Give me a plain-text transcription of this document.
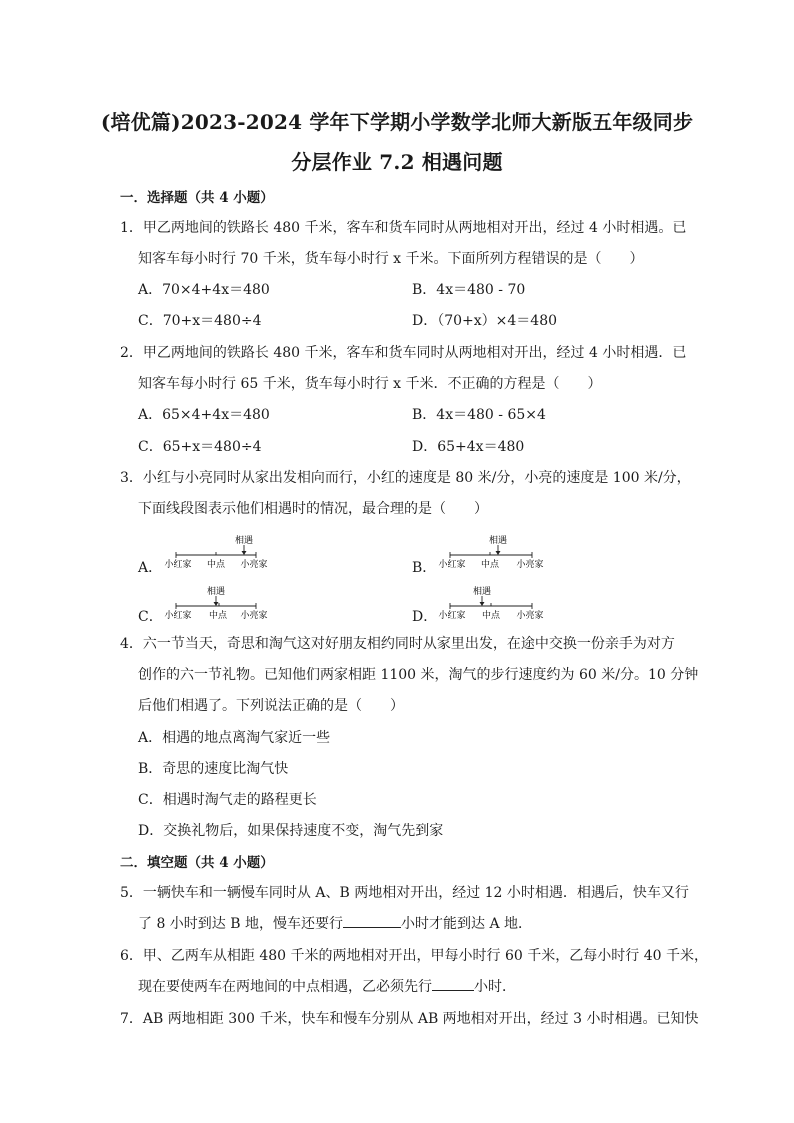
(培优篇)2023-2024 学年下学期小学数学北师大新版五年级同步
分层作业 7.2 相遇问题
一．选择题（共 4 小题）
1．甲乙两地间的铁路长 480 千米，客车和货车同时从两地相对开出，经过 4 小时相遇。已
知客车每小时行 70 千米，货车每小时行 x 千米。下面所列方程错误的是（　　）
A．70×4+4x＝480	B．4x＝480 - 70
C．70+x＝480÷4	D．（70+x）×4＝480
2．甲乙两地间的铁路长 480 千米，客车和货车同时从两地相对开出，经过 4 小时相遇．已
知客车每小时行 65 千米，货车每小时行 x 千米．不正确的方程是（　　）
A．65×4+4x＝480	B．4x＝480 - 65×4
C．65+x＝480÷4	D．65+4x＝480
3．小红与小亮同时从家出发相向而行，小红的速度是 80 米/分，小亮的速度是 100 米/分，
下面线段图表示他们相遇时的情况，最合理的是（　　）
A．	B．
C．	D．
相遇
小红家 中点 小亮家
相遇
小红家 中点 小亮家
相遇
小红家 中点 小亮家
相遇
小红家 中点 小亮家
4．六一节当天，奇思和淘气这对好朋友相约同时从家里出发，在途中交换一份亲手为对方
创作的六一节礼物。已知他们两家相距 1100 米，淘气的步行速度约为 60 米/分。10 分钟
后他们相遇了。下列说法正确的是（　　）
A．相遇的地点离淘气家近一些
B．奇思的速度比淘气快
C．相遇时淘气走的路程更长
D．交换礼物后，如果保持速度不变，淘气先到家
二．填空题（共 4 小题）
5．一辆快车和一辆慢车同时从 A、B 两地相对开出，经过 12 小时相遇．相遇后，快车又行
了 8 小时到达 B 地，慢车还要行	小时才能到达 A 地．
6．甲、乙两车从相距 480 千米的两地相对开出，甲每小时行 60 千米，乙每小时行 40 千米，
现在要使两车在两地间的中点相遇，乙必须先行	小时．
7．AB 两地相距 300 千米，快车和慢车分别从 AB 两地相对开出，经过 3 小时相遇。已知快
